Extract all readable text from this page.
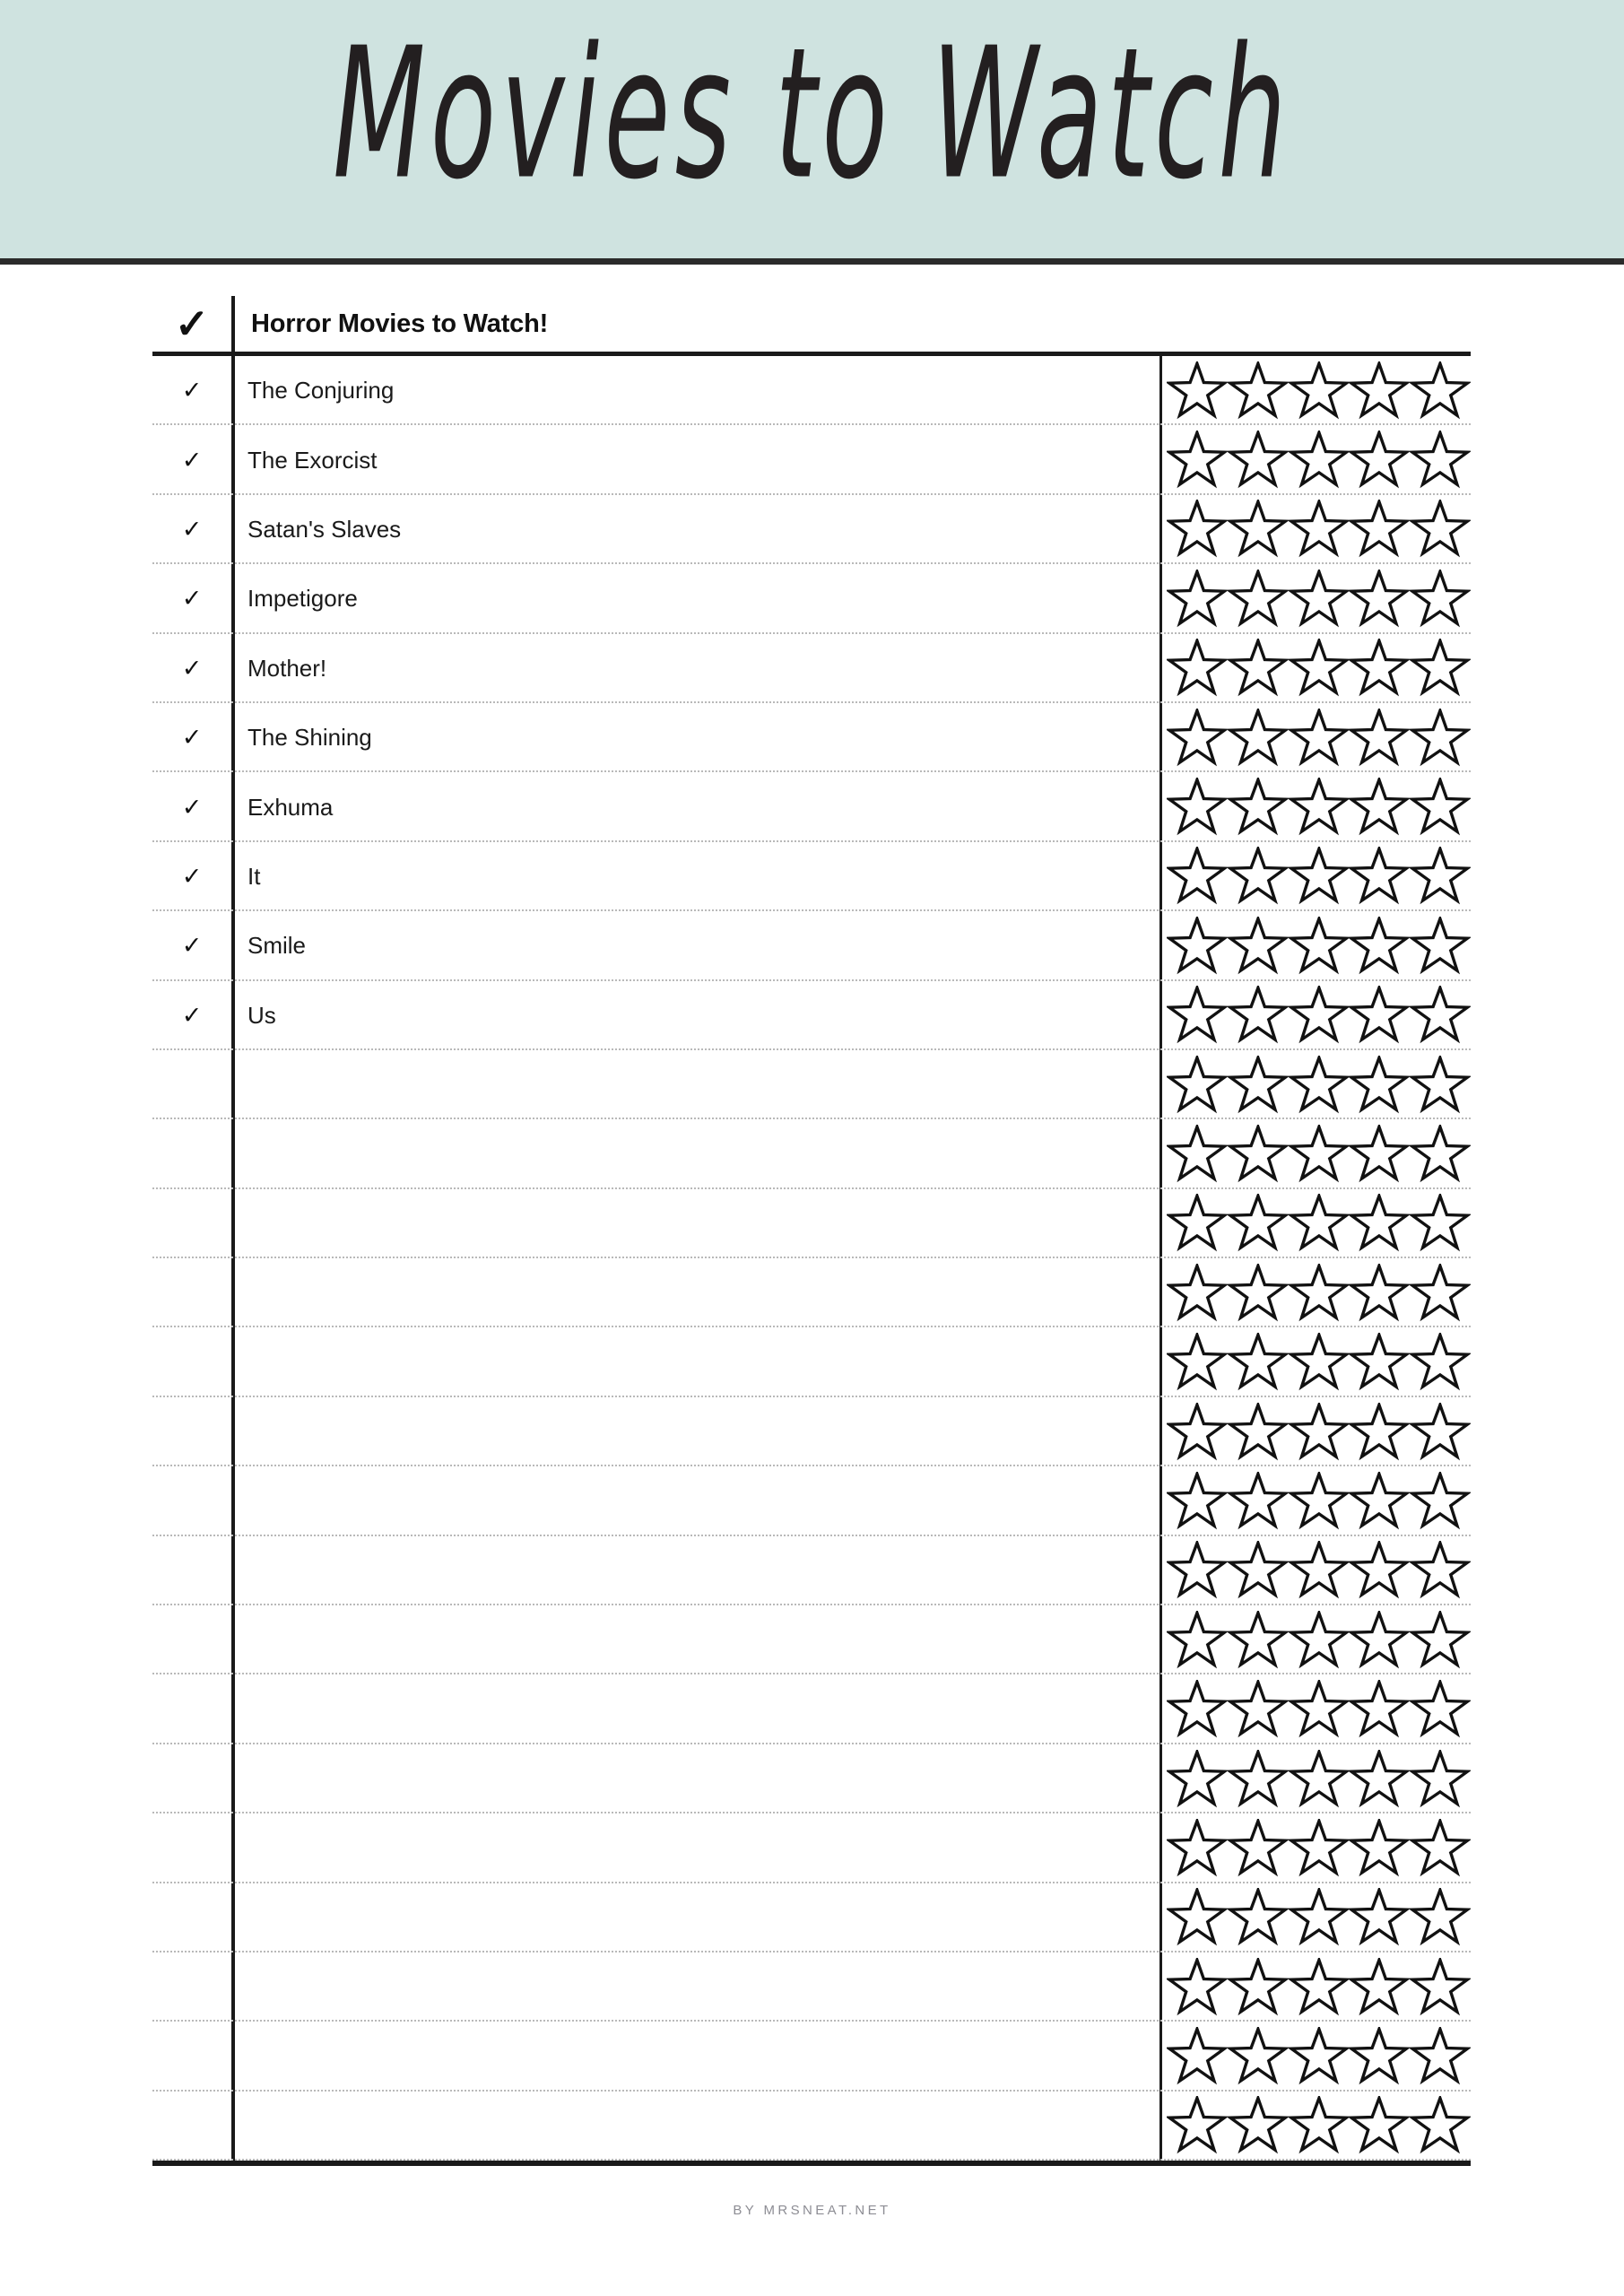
Movies to Watch
✓	Horror Movies to Watch!
✓	The Conjuring
✓	The Exorcist
✓	Satan's Slaves
✓	Impetigore
✓	Mother!
✓	The Shining
✓	Exhuma
✓	It
✓	Smile
✓	Us
BY MRSNEAT.NET
